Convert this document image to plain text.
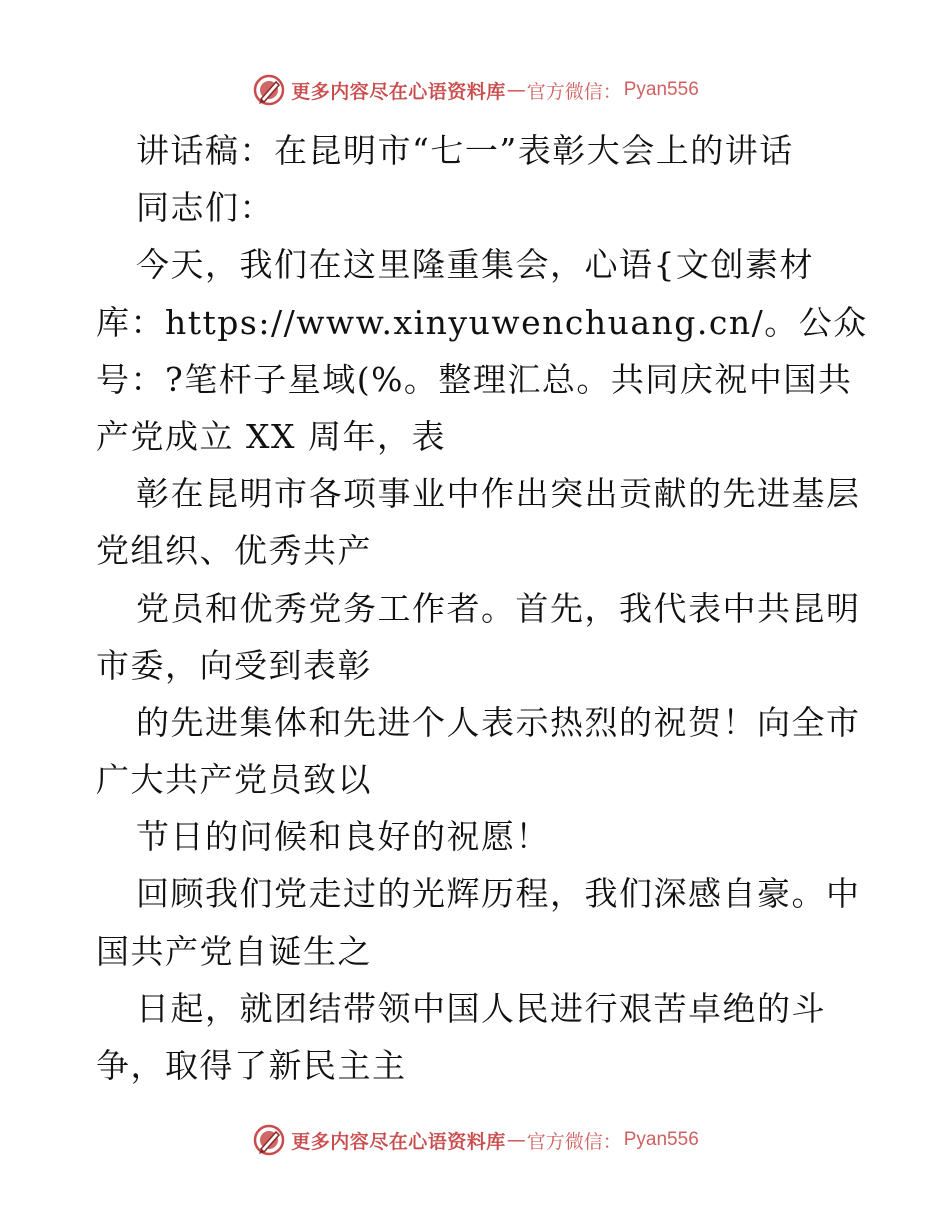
更多内容尽在心语资料库 — 官方微信： Pyan556
讲话稿：在昆明市“七一”表彰大会上的讲话
同志们：
今天，我们在这里隆重集会，心语{文创素材
库：https://www.xinyuwenchuang.cn/。公众
号：?笔杆子星域(%。整理汇总。共同庆祝中国共
产党成立 XX 周年，表
彰在昆明市各项事业中作出突出贡献的先进基层
党组织、优秀共产
党员和优秀党务工作者。首先，我代表中共昆明
市委，向受到表彰
的先进集体和先进个人表示热烈的祝贺！向全市
广大共产党员致以
节日的问候和良好的祝愿！
回顾我们党走过的光辉历程，我们深感自豪。中
国共产党自诞生之
日起，就团结带领中国人民进行艰苦卓绝的斗
争，取得了新民主主
更多内容尽在心语资料库 — 官方微信： Pyan556
